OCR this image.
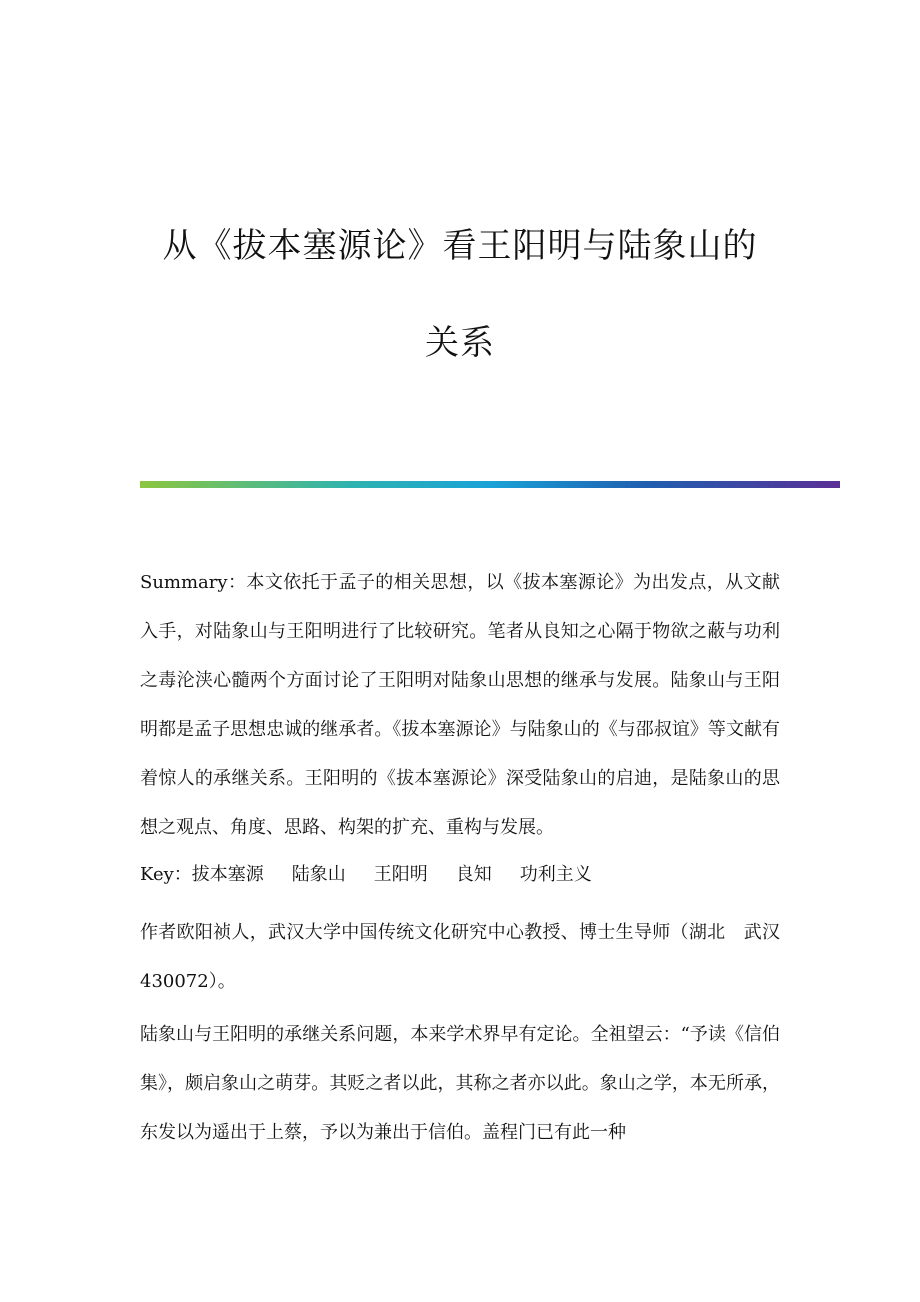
从《拔本塞源论》看王阳明与陆象山的
关系

Summary：本文依托于孟子的相关思想，以《拔本塞源论》为出发点，从文献入手，对陆象山与王阳明进行了比较研究。笔者从良知之心隔于物欲之蔽与功利之毒沦浃心髓两个方面讨论了王阳明对陆象山思想的继承与发展。陆象山与王阳明都是孟子思想忠诚的继承者。《拔本塞源论》与陆象山的《与邵叔谊》等文献有着惊人的承继关系。王阳明的《拔本塞源论》深受陆象山的启迪，是陆象山的思想之观点、角度、思路、构架的扩充、重构与发展。

Key：拔本塞源 陆象山 王阳明 良知 功利主义

作者欧阳祯人，武汉大学中国传统文化研究中心教授、博士生导师（湖北　武汉　430072）。

陆象山与王阳明的承继关系问题，本来学术界早有定论。全祖望云：“予读《信伯集》，颇启象山之萌芽。其贬之者以此，其称之者亦以此。象山之学，本无所承，东发以为遥出于上蔡，予以为兼出于信伯。盖程门已有此一种
